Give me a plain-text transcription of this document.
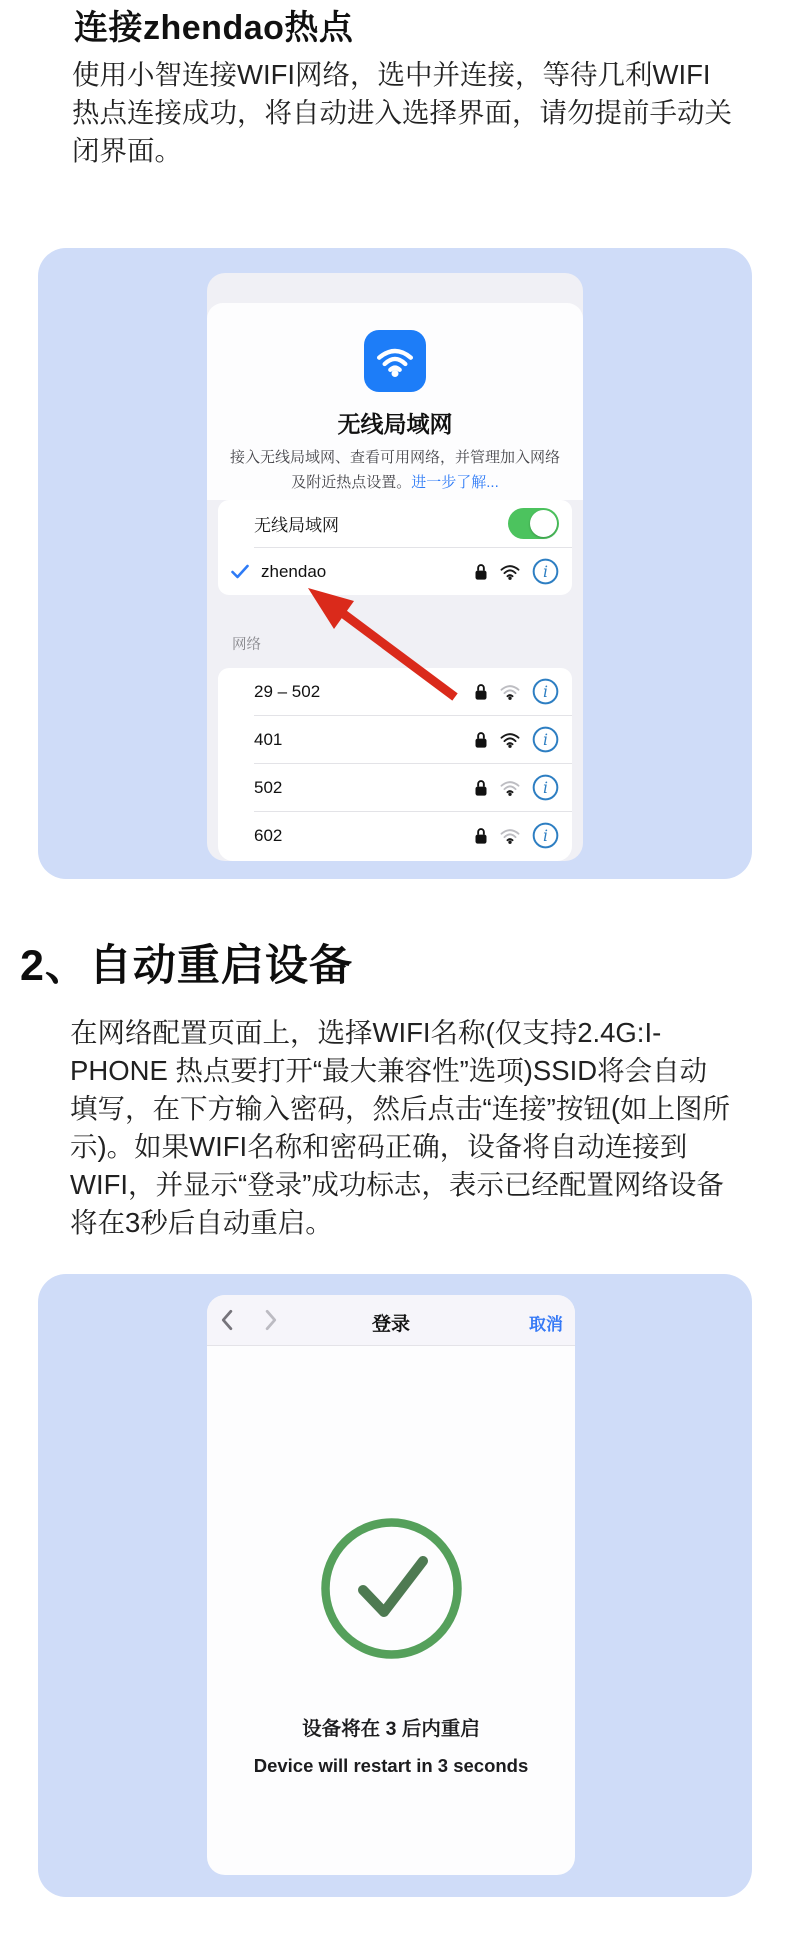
连接zhendao热点
使用小智连接WIFI网络，选中并连接，等待几利WIFI热点连接成功，将自动进入选择界面，请勿提前手动关闭界面。
无线局域网
接入无线局域网、查看可用网络，并管理加入网络及附近热点设置。进一步了解...
无线局域网
zhendao	i
网络
29 – 502	i
401	i
502	i
602	i
2、自动重启设备
在网络配置页面上，选择WIFI名称(仅支持2.4G:I-PHONE 热点要打开“最大兼容性”选项)SSID将会自动填写，在下方输入密码，然后点击“连接”按钮(如上图所示)。如果WIFI名称和密码正确，设备将自动连接到WIFI，并显示“登录”成功标志，表示已经配置网络设备将在3秒后自动重启。
登录	取消
设备将在 3 后内重启
Device will restart in 3 seconds
